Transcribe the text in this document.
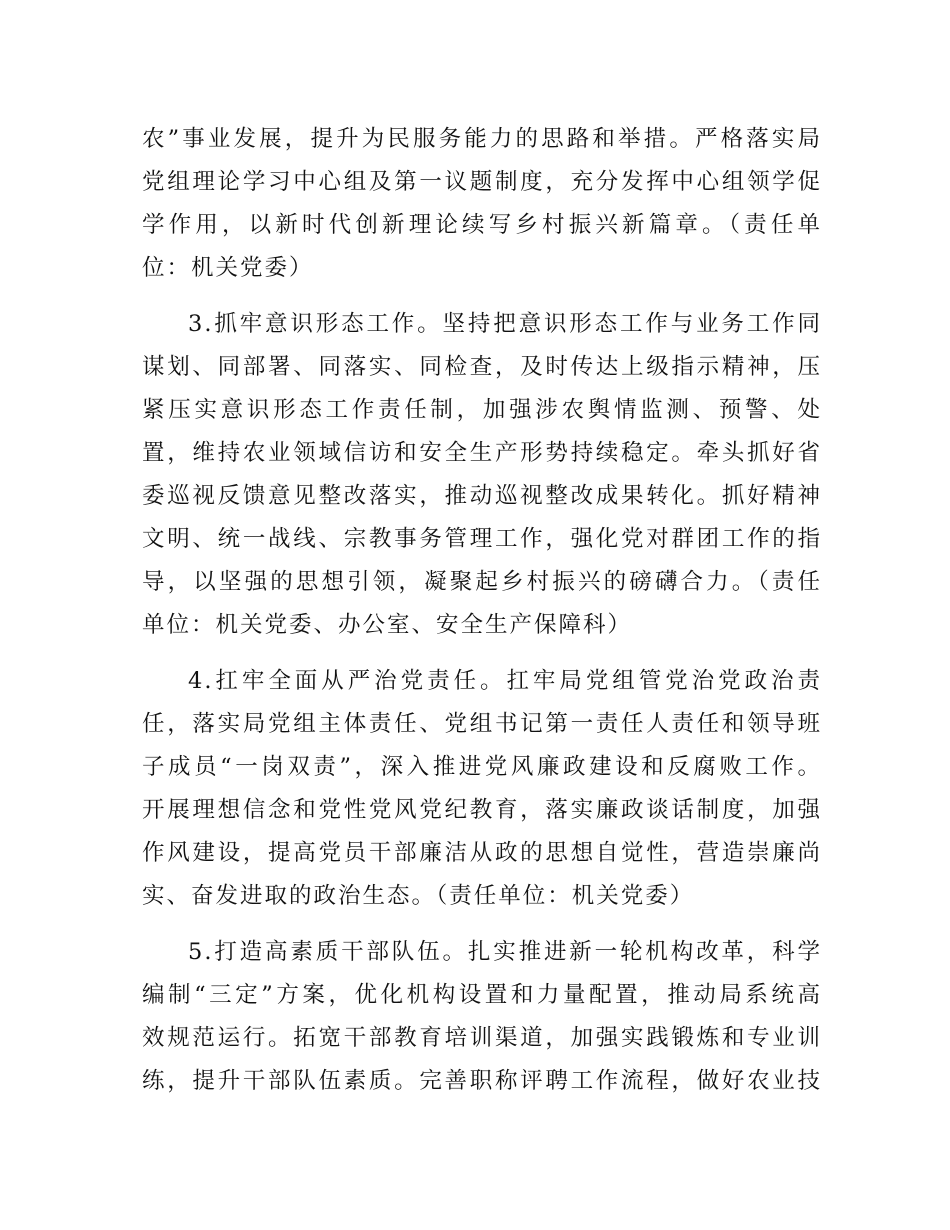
农”事业发展，提升为民服务能力的思路和举措。严格落实局
党组理论学习中心组及第一议题制度，充分发挥中心组领学促
学作用，以新时代创新理论续写乡村振兴新篇章。（责任单
位：机关党委）
3.抓牢意识形态工作。坚持把意识形态工作与业务工作同
谋划、同部署、同落实、同检查，及时传达上级指示精神，压
紧压实意识形态工作责任制，加强涉农舆情监测、预警、处
置，维持农业领域信访和安全生产形势持续稳定。牵头抓好省
委巡视反馈意见整改落实，推动巡视整改成果转化。抓好精神
文明、统一战线、宗教事务管理工作，强化党对群团工作的指
导，以坚强的思想引领，凝聚起乡村振兴的磅礴合力。（责任
单位：机关党委、办公室、安全生产保障科）
4.扛牢全面从严治党责任。扛牢局党组管党治党政治责
任，落实局党组主体责任、党组书记第一责任人责任和领导班
子成员“一岗双责”，深入推进党风廉政建设和反腐败工作。
开展理想信念和党性党风党纪教育，落实廉政谈话制度，加强
作风建设，提高党员干部廉洁从政的思想自觉性，营造崇廉尚
实、奋发进取的政治生态。（责任单位：机关党委）
5.打造高素质干部队伍。扎实推进新一轮机构改革，科学
编制“三定”方案，优化机构设置和力量配置，推动局系统高
效规范运行。拓宽干部教育培训渠道，加强实践锻炼和专业训
练，提升干部队伍素质。完善职称评聘工作流程，做好农业技
